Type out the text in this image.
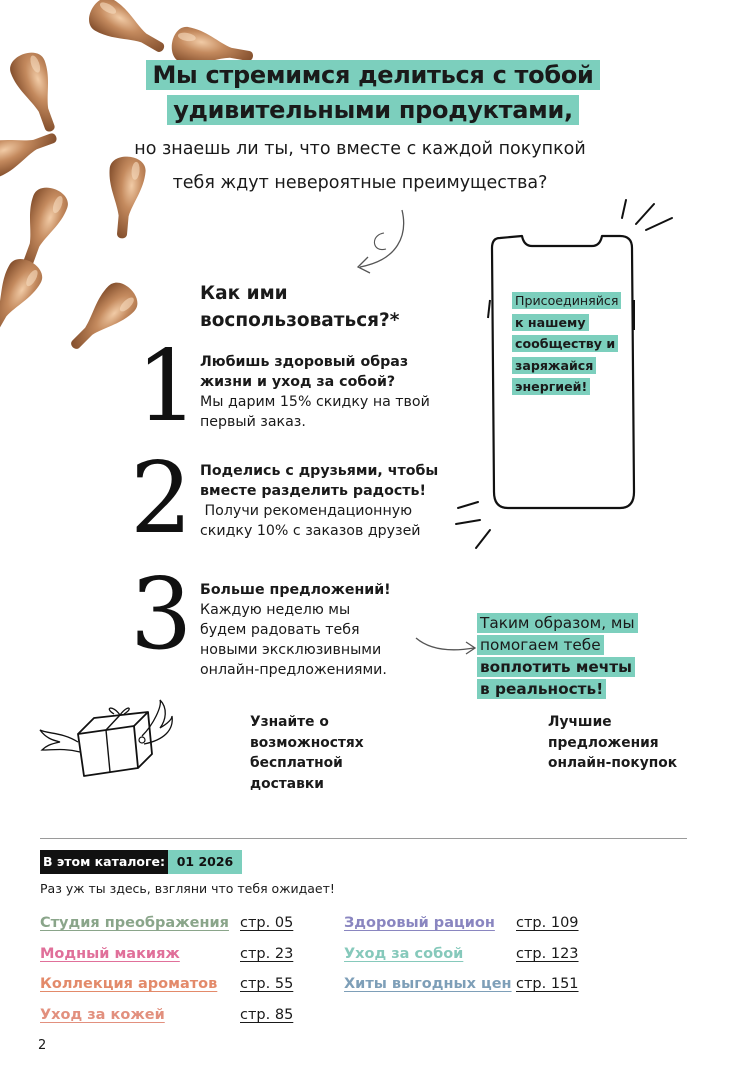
Мы стремимся делиться с тобой
удивительными продуктами,
но знаешь ли ты, что вместе с каждой покупкой
тебя ждут невероятные преимущества?
Присоединяйся
к нашему
сообществу и
заряжайся
энергией!
Как ими
воспользоваться?*
1 Любишь здоровый образ
жизни и уход за собой?
Мы дарим 15% скидку на твой
первый заказ.
2 Поделись с друзьями, чтобы
вместе разделить радость!
Получи рекомендационную
скидку 10% с заказов друзей
3 Больше предложений!
Каждую неделю мы
будем радовать тебя
новыми эксклюзивными
онлайн-предложениями.
Таким образом, мы
помогаем тебе
воплотить мечты
в реальность!
Узнайте о
возможностях
бесплатной
доставки
Лучшие
предложения
онлайн-покупок
В этом каталоге: 01 2026
Раз уж ты здесь, взгляни что тебя ожидает!
Студия преображения стр. 05
Модный макияж	стр. 23
Коллекция ароматов стр. 55
Уход за кожей	стр. 85
Здоровый рацион стр. 109
Уход за собой	стр. 123
Хиты выгодных цен стр. 151
2
